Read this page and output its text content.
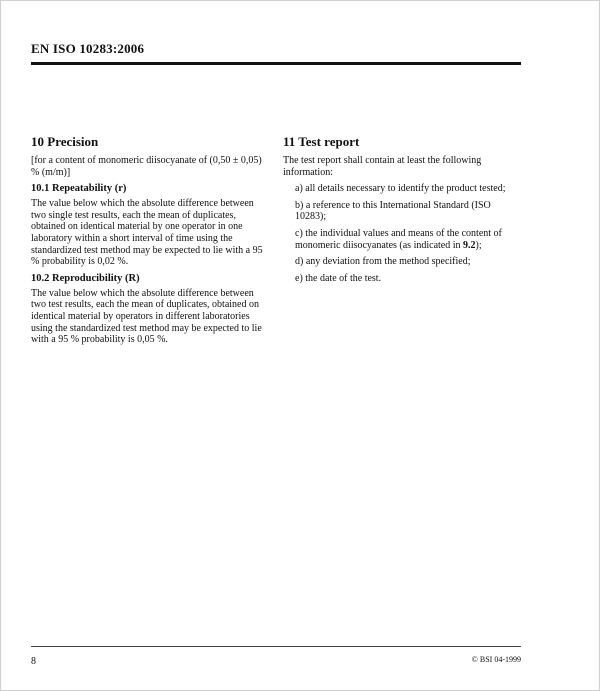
EN ISO 10283:2006
10 Precision

[for a content of monomeric diisocyanate of (0,50 ± 0,05) % (m/m)]

10.1 Repeatability (r)

The value below which the absolute difference between two single test results, each the mean of duplicates, obtained on identical material by one operator in one laboratory within a short interval of time using the standardized test method may be expected to lie with a 95 % probability is 0,02 %.

10.2 Reproducibility (R)

The value below which the absolute difference between two test results, each the mean of duplicates, obtained on identical material by operators in different laboratories using the standardized test method may be expected to lie with a 95 % probability is 0,05 %.

11 Test report

The test report shall contain at least the following information:

a) all details necessary to identify the product tested;
b) a reference to this International Standard (ISO 10283);
c) the individual values and means of the content of monomeric diisocyanates (as indicated in 9.2);
d) any deviation from the method specified;
e) the date of the test.
8	© BSI 04-1999
